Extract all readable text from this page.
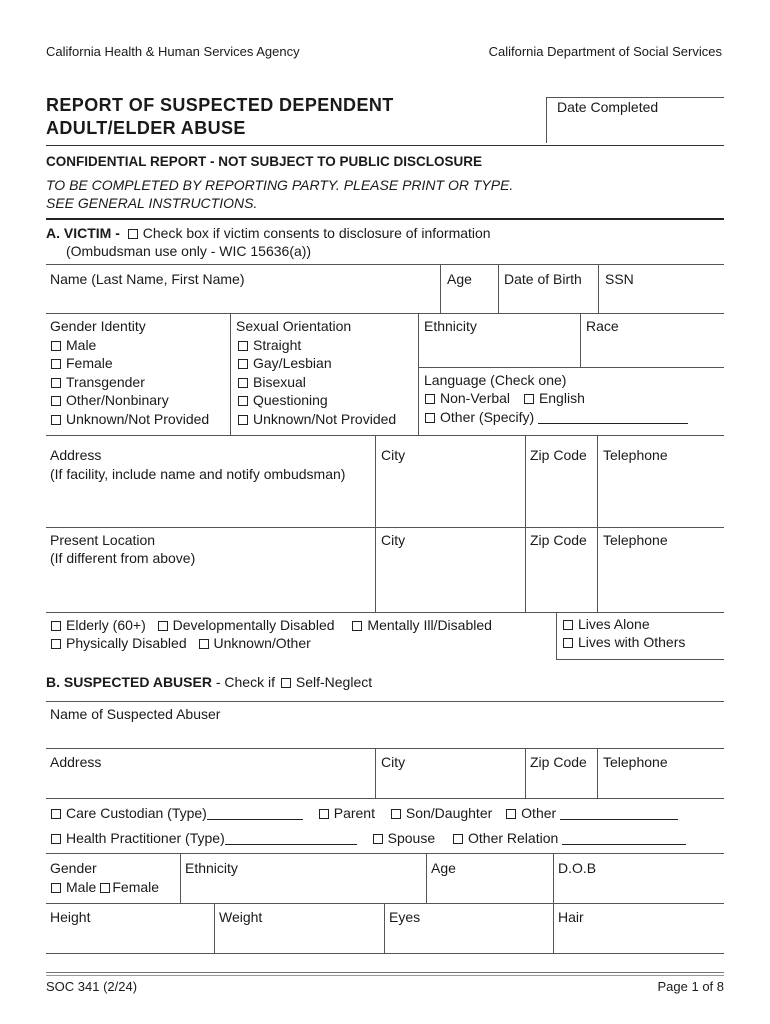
California Health & Human Services Agency	California Department of Social Services
REPORT OF SUSPECTED DEPENDENT
ADULT/ELDER ABUSE
Date Completed
CONFIDENTIAL REPORT - NOT SUBJECT TO PUBLIC DISCLOSURE
TO BE COMPLETED BY REPORTING PARTY. PLEASE PRINT OR TYPE.
SEE GENERAL INSTRUCTIONS.
A. VICTIM - Check box if victim consents to disclosure of information
(Ombudsman use only - WIC 15636(a))
Name (Last Name, First Name)	Age Date of Birth SSN
Gender Identity
Male
Female
Transgender
Other/Nonbinary
Unknown/Not Provided
Sexual Orientation
Straight
Gay/Lesbian
Bisexual
Questioning
Unknown/Not Provided
Ethnicity	Race
Language (Check one)
Non-Verbal English
Other (Specify)
Address
(If facility, include name and notify ombudsman)
City	Zip Code Telephone
Present Location
(If different from above)
City	Zip Code Telephone
Elderly (60+) Developmentally Disabled Mentally Ill/Disabled
Physically Disabled Unknown/Other
Lives Alone
Lives with Others
B. SUSPECTED ABUSER - Check if Self-Neglect
Name of Suspected Abuser
Address	City	Zip Code Telephone
Care Custodian (Type)	Parent Son/Daughter Other
Health Practitioner (Type)	Spouse Other Relation
Gender
Male Female
Ethnicity	Age	D.O.B
Height	Weight	Eyes	Hair
SOC 341 (2/24)	Page 1 of 8
